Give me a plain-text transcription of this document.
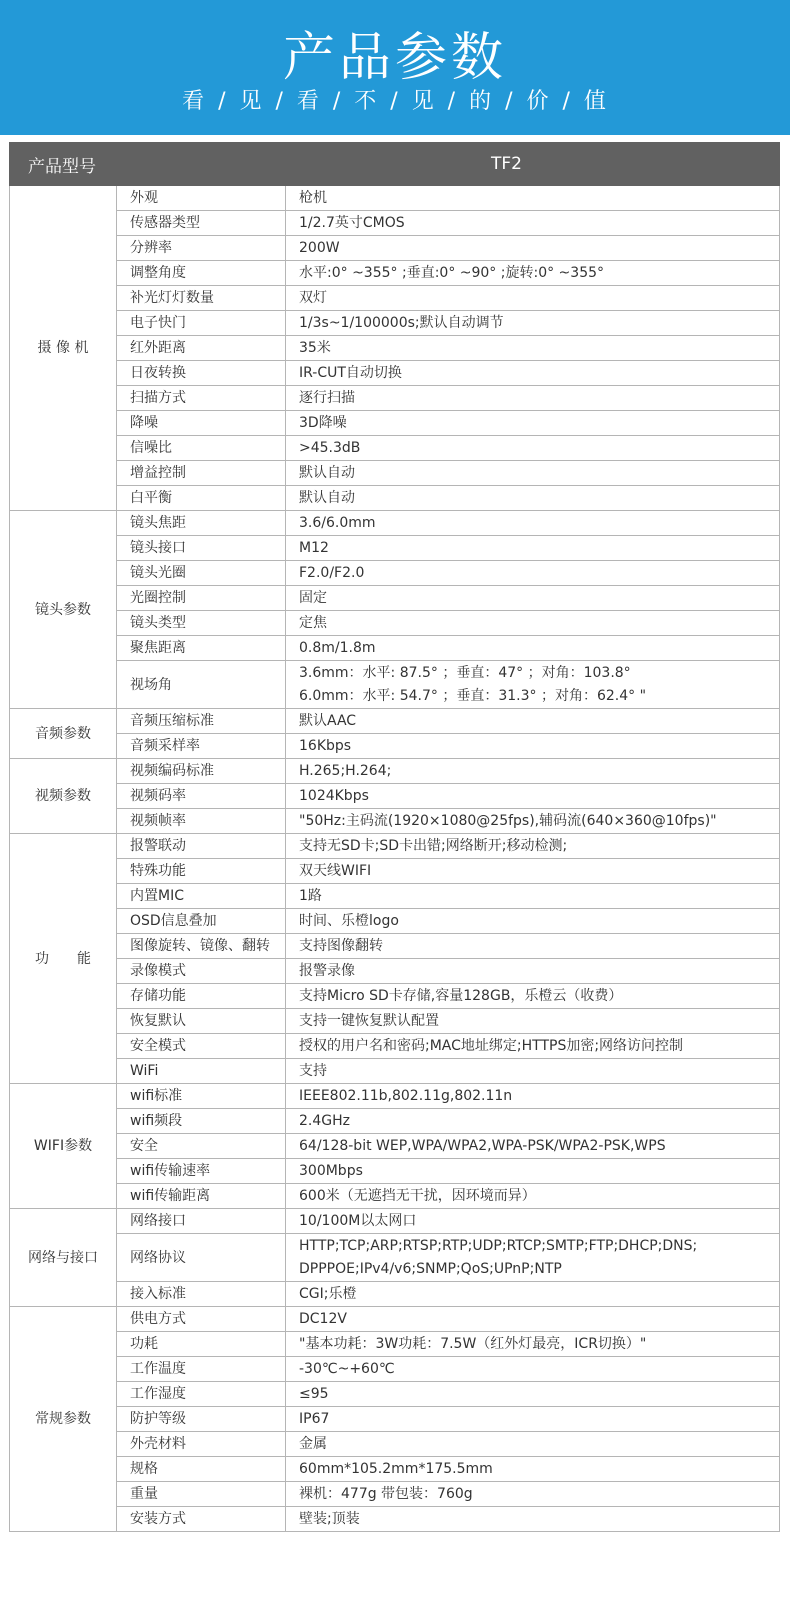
产品参数
看 / 见 / 看 / 不 / 见 / 的 / 价 / 值
产品型号		TF2
摄 像 机	外观	枪机

	传感器类型	1/2.7英寸CMOS

	分辨率	200W

	调整角度	水平:0° ~355° ;垂直:0° ~90° ;旋转:0° ~355°

	补光灯灯数量	双灯

	电子快门	1/3s~1/100000s;默认自动调节

	红外距离	35米

	日夜转换	IR-CUT自动切换

	扫描方式	逐行扫描

	降噪	3D降噪

	信噪比	>45.3dB

	增益控制	默认自动

	白平衡	默认自动

镜头参数	镜头焦距	3.6/6.0mm

	镜头接口	M12

	镜头光圈	F2.0/F2.0

	光圈控制	固定

	镜头类型	定焦

	聚焦距离	0.8m/1.8m

	视场角	3.6mm：水平: 87.5° ；垂直：47° ；对角：103.8°
6.0mm：水平: 54.7° ；垂直：31.3° ；对角：62.4° "

音频参数	音频压缩标准	默认AAC

	音频采样率	16Kbps

视频参数	视频编码标准	H.265;H.264;

	视频码率	1024Kbps

	视频帧率	"50Hz:主码流(1920×1080@25fps),辅码流(640×360@10fps)"

功　　能	报警联动	支持无SD卡;SD卡出错;网络断开;移动检测;

	特殊功能	双天线WIFI

	内置MIC	1路

	OSD信息叠加	时间、乐橙logo

	图像旋转、镜像、翻转	支持图像翻转

	录像模式	报警录像

	存储功能	支持Micro SD卡存储,容量128GB，乐橙云（收费）

	恢复默认	支持一键恢复默认配置

	安全模式	授权的用户名和密码;MAC地址绑定;HTTPS加密;网络访问控制

	WiFi	支持

WIFI参数	wifi标准	IEEE802.11b,802.11g,802.11n

	wifi频段	2.4GHz

	安全	64/128-bit WEP,WPA/WPA2,WPA-PSK/WPA2-PSK,WPS

	wifi传输速率	300Mbps

	wifi传输距离	600米（无遮挡无干扰，因环境而异）

网络与接口	网络接口	10/100M以太网口

	网络协议	HTTP;TCP;ARP;RTSP;RTP;UDP;RTCP;SMTP;FTP;DHCP;DNS;
DPPPOE;IPv4/v6;SNMP;QoS;UPnP;NTP

	接入标准	CGI;乐橙

常规参数	供电方式	DC12V

	功耗	"基本功耗：3W功耗：7.5W（红外灯最亮，ICR切换）"

	工作温度	-30℃~+60℃

	工作湿度	≤95

	防护等级	IP67

	外壳材料	金属

	规格	60mm*105.2mm*175.5mm

	重量	裸机：477g 带包装：760g

	安装方式	壁装;顶装
